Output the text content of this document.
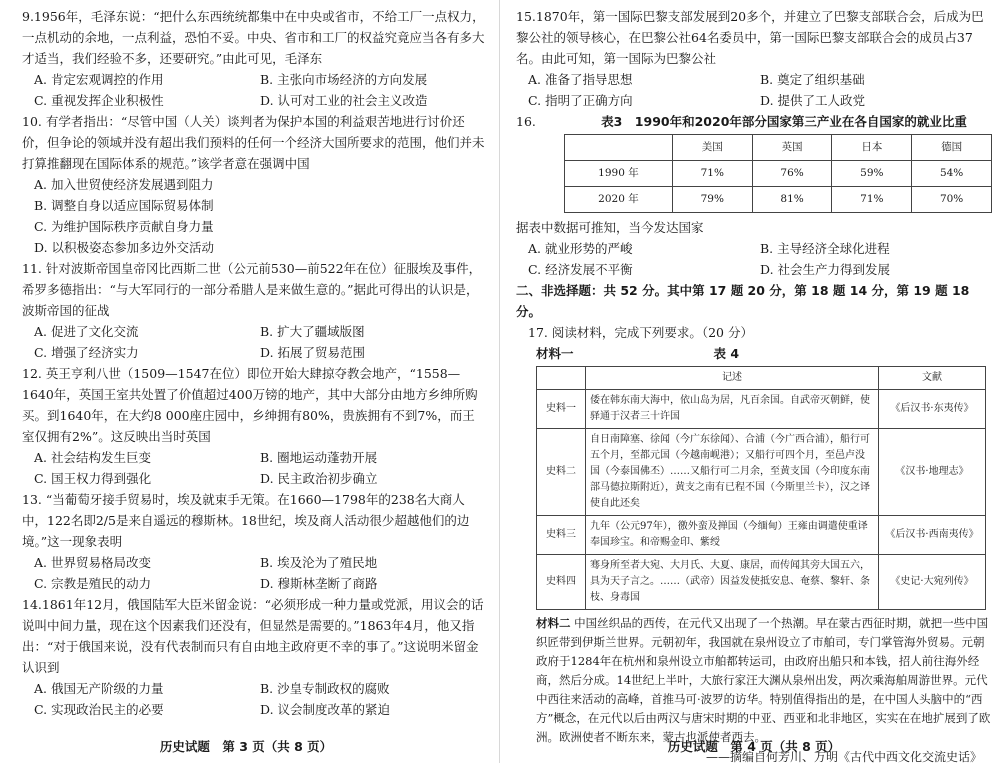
9.1956年，毛泽东说：“把什么东西统统都集中在中央或省市，不给工厂一点权力，一点机动的余地，一点利益，恐怕不妥。中央、省市和工厂的权益究竟应当各有多大才适当，我们经验不多，还要研究。”由此可见，毛泽东
A. 肯定宏观调控的作用	B. 主张向市场经济的方向发展
C. 重视发挥企业积极性	D. 认可对工业的社会主义改造
10. 有学者指出：“尽管中国（人关）谈判者为保护本国的利益艰苦地进行讨价还价，但争论的领域并没有超出我们预料的任何一个经济大国所要求的范围，他们并未打算推翻现在国际体系的规范。”该学者意在强调中国
A. 加入世贸使经济发展遇到阻力
B. 调整自身以适应国际贸易体制
C. 为维护国际秩序贡献自身力量
D. 以积极姿态参加多边外交活动
11. 针对波斯帝国皇帝冈比西斯二世（公元前530—前522年在位）征服埃及事件，希罗多德指出：“与大军同行的一部分希腊人是来做生意的。”据此可得出的认识是，波斯帝国的征战
A. 促进了文化交流	B. 扩大了疆域版图
C. 增强了经济实力	D. 拓展了贸易范围
12. 英王亨利八世（1509—1547在位）即位开始大肆掠夺教会地产，“1558—1640年，英国王室共处置了价值超过400万镑的地产，其中大部分由地方乡绅所购买。到1640年，在大约8 000座庄园中，乡绅拥有80%，贵族拥有不到7%，而王室仅拥有2%”。这反映出当时英国
A. 社会结构发生巨变	B. 圈地运动蓬勃开展
C. 国王权力得到强化	D. 民主政治初步确立
13. “当葡萄牙接手贸易时，埃及就束手无策。在1660—1798年的238名大商人中，122名即2/5是来自遥远的穆斯林。18世纪，埃及商人活动很少超越他们的边境。”这一现象表明
A. 世界贸易格局改变	B. 埃及沦为了殖民地
C. 宗教是殖民的动力	D. 穆斯林垄断了商路
14.1861年12月，俄国陆军大臣米留金说：“必须形成一种力量或党派，用议会的话说叫中间力量，现在这个因素我们还没有，但显然是需要的。”1863年4月，他又指出：“对于俄国来说，没有代表制而只有自由地主政府更不幸的事了。”这说明米留金认识到
A. 俄国无产阶级的力量	B. 沙皇专制政权的腐败
C. 实现政治民主的必要	D. 议会制度改革的紧迫
历史试题　第 3 页（共 8 页）
15.1870年，第一国际巴黎支部发展到20多个，并建立了巴黎支部联合会，后成为巴黎公社的领导核心，在巴黎公社64名委员中，第一国际巴黎支部联合会的成员占37名。由此可知，第一国际为巴黎公社
A. 准备了指导思想	B. 奠定了组织基础
C. 指明了正确方向	D. 提供了工人政党
16.	表3　1990年和2020年部分国家第三产业在各自国家的就业比重
	美国	英国	日本	德国
1990 年	71%	76%	59%	54%
2020 年	79%	81%	71%	70%
据表中数据可推知，当今发达国家
A. 就业形势的严峻	B. 主导经济全球化进程
C. 经济发展不平衡	D. 社会生产力得到发展
二、非选择题：共 52 分。其中第 17 题 20 分，第 18 题 14 分，第 19 题 18 分。
17. 阅读材料，完成下列要求。（20 分）
材料一	表 4
	记述	文献
史料一	倭在韩东南大海中，依山岛为居，凡百余国。自武帝灭朝鲜，使驿通于汉者三十许国	《后汉书·东夷传》
史料二	自日南障塞、徐闻（今广东徐闻）、合浦（今广西合浦），船行可五个月，至都元国（今越南岘港）；又船行可四个月，至邑卢没国（今泰国佛丕）……又船行可二月余，至黄支国（今印度东南部马德拉斯附近），黄支之南有已程不国（今斯里兰卡），汉之译使自此还矣	《汉书·地理志》
史料三	九年（公元97年），徼外蛮及掸国（今缅甸）王雍由调遣使重译奉国珍宝。和帝赐金印、紫绶	《后汉书·西南夷传》
史料四	骞身所至者大宛、大月氏、大夏、康居，而传闻其旁大国五六，具为天子言之。……（武帝）因益发使抵安息、奄蔡、黎轩、条枝、身毒国	《史记·大宛列传》
材料二 中国丝织品的西传，在元代又出现了一个热潮。早在蒙古西征时期，就把一些中国织匠带到伊斯兰世界。元朝初年，我国就在泉州设立了市舶司，专门掌管海外贸易。元朝政府于1284年在杭州和泉州设立市舶都转运司，由政府出船只和本钱，招人前往海外经商，然后分成。14世纪上半叶，大旅行家汪大渊从泉州出发，两次乘海舶周游世界。元代中西往来活动的高峰，首推马可·波罗的访华。特别值得指出的是，在中国人头脑中的“西方”概念，在元代以后由两汉与唐宋时期的中亚、西亚和北非地区，实实在在地扩展到了欧洲。欧洲使者不断东来，蒙古也派使者西去。
——摘编自何芳川、万明《古代中西文化交流史话》
历史试题　第 4 页（共 8 页）
